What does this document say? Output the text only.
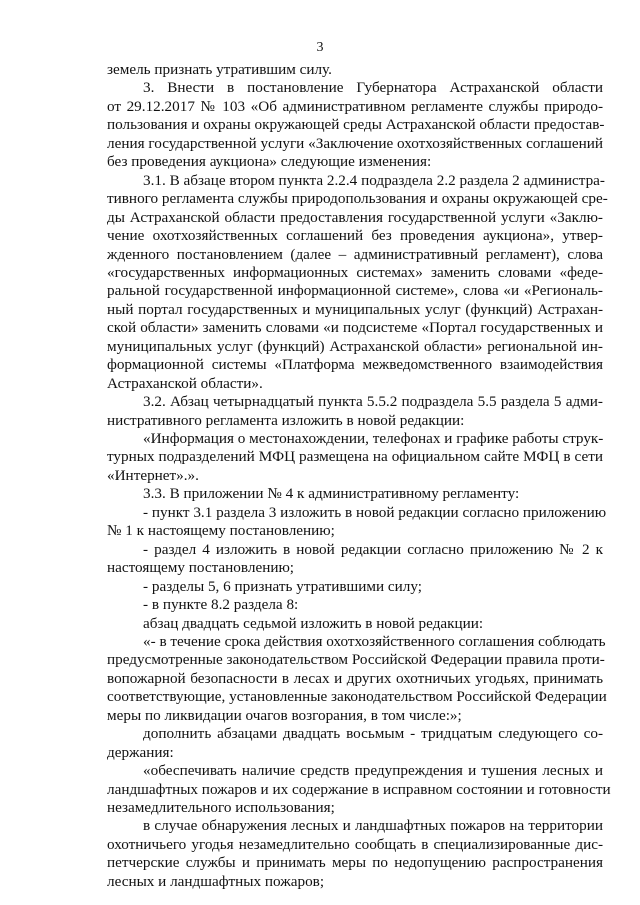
3
земель признать утратившим силу.
3. Внести в постановление Губернатора Астраханской области
от 29.12.2017 № 103 «Об административном регламенте службы природо-
пользования и охраны окружающей среды Астраханской области предостав-
ления государственной услуги «Заключение охотхозяйственных соглашений
без проведения аукциона» следующие изменения:
3.1. В абзаце втором пункта 2.2.4 подраздела 2.2 раздела 2 администра-
тивного регламента службы природопользования и охраны окружающей сре-
ды Астраханской области предоставления государственной услуги «Заклю-
чение охотхозяйственных соглашений без проведения аукциона», утвер-
жденного постановлением (далее – административный регламент), слова
«государственных информационных системах» заменить словами «феде-
ральной государственной информационной системе», слова «и «Региональ-
ный портал государственных и муниципальных услуг (функций) Астрахан-
ской области» заменить словами «и подсистеме «Портал государственных и
муниципальных услуг (функций) Астраханской области» региональной ин-
формационной системы «Платформа межведомственного взаимодействия
Астраханской области».
3.2. Абзац четырнадцатый пункта 5.5.2 подраздела 5.5 раздела 5 адми-
нистративного регламента изложить в новой редакции:
«Информация о местонахождении, телефонах и графике работы струк-
турных подразделений МФЦ размещена на официальном сайте МФЦ в сети
«Интернет».».
3.3. В приложении № 4 к административному регламенту:
- пункт 3.1 раздела 3 изложить в новой редакции согласно приложению
№ 1 к настоящему постановлению;
- раздел 4 изложить в новой редакции согласно приложению № 2 к
настоящему постановлению;
- разделы 5, 6 признать утратившими силу;
- в пункте 8.2 раздела 8:
абзац двадцать седьмой изложить в новой редакции:
«- в течение срока действия охотхозяйственного соглашения соблюдать
предусмотренные законодательством Российской Федерации правила проти-
вопожарной безопасности в лесах и других охотничьих угодьях, принимать
соответствующие, установленные законодательством Российской Федерации
меры по ликвидации очагов возгорания, в том числе:»;
дополнить абзацами двадцать восьмым - тридцатым следующего со-
держания:
«обеспечивать наличие средств предупреждения и тушения лесных и
ландшафтных пожаров и их содержание в исправном состоянии и готовности
незамедлительного использования;
в случае обнаружения лесных и ландшафтных пожаров на территории
охотничьего угодья незамедлительно сообщать в специализированные дис-
петчерские службы и принимать меры по недопущению распространения
лесных и ландшафтных пожаров;
